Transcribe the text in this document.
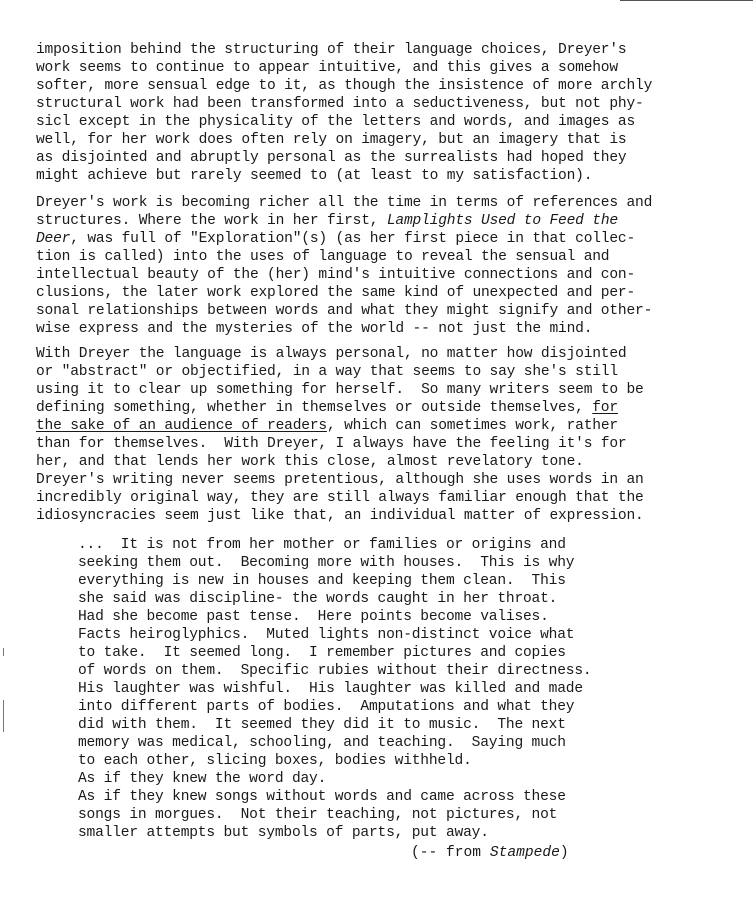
imposition behind the structuring of their language choices, Dreyer's
work seems to continue to appear intuitive, and this gives a somehow
softer, more sensual edge to it, as though the insistence of more archly
structural work had been transformed into a seductiveness, but not phy-
sicl except in the physicality of the letters and words, and images as
well, for her work does often rely on imagery, but an imagery that is
as disjointed and abruptly personal as the surrealists had hoped they
might achieve but rarely seemed to (at least to my satisfaction).
Dreyer's work is becoming richer all the time in terms of references and
structures. Where the work in her first, Lamplights Used to Feed the
Deer, was full of "Exploration"(s) (as her first piece in that collec-
tion is called) into the uses of language to reveal the sensual and
intellectual beauty of the (her) mind's intuitive connections and con-
clusions, the later work explored the same kind of unexpected and per-
sonal relationships between words and what they might signify and other-
wise express and the mysteries of the world -- not just the mind.
With Dreyer the language is always personal, no matter how disjointed
or "abstract" or objectified, in a way that seems to say she's still
using it to clear up something for herself.  So many writers seem to be
defining something, whether in themselves or outside themselves, for
the sake of an audience of readers, which can sometimes work, rather
than for themselves.  With Dreyer, I always have the feeling it's for
her, and that lends her work this close, almost revelatory tone.
Dreyer's writing never seems pretentious, although she uses words in an
incredibly original way, they are still always familiar enough that the
idiosyncracies seem just like that, an individual matter of expression.
...  It is not from her mother or families or origins and
seeking them out.  Becoming more with houses.  This is why
everything is new in houses and keeping them clean.  This
she said was discipline- the words caught in her throat.
Had she become past tense.  Here points become valises.
Facts heiroglyphics.  Muted lights non-distinct voice what
to take.  It seemed long.  I remember pictures and copies
of words on them.  Specific rubies without their directness.
His laughter was wishful.  His laughter was killed and made
into different parts of bodies.  Amputations and what they
did with them.  It seemed they did it to music.  The next
memory was medical, schooling, and teaching.  Saying much
to each other, slicing boxes, bodies withheld.
As if they knew the word day.
As if they knew songs without words and came across these
songs in morgues.  Not their teaching, not pictures, not
smaller attempts but symbols of parts, put away.
(-- from Stampede)
